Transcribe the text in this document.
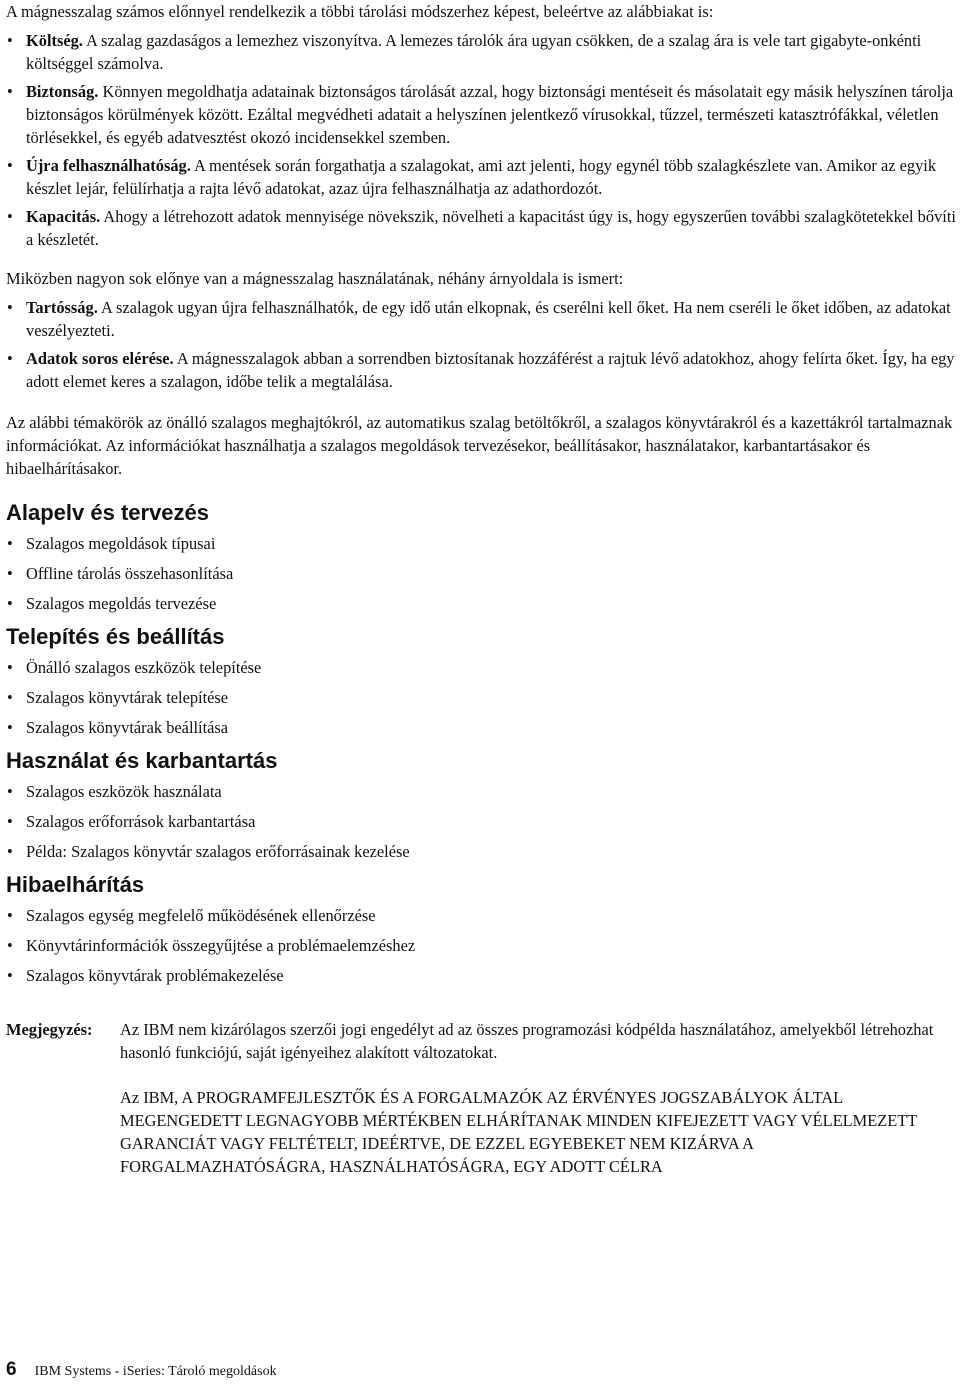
A mágnesszalag számos előnnyel rendelkezik a többi tárolási módszerhez képest, beleértve az alábbiakat is:

• Költség. A szalag gazdaságos a lemezhez viszonyítva. A lemezes tárolók ára ugyan csökken, de a szalag ára is vele tart gigabyte-onkénti költséggel számolva.
• Biztonság. Könnyen megoldhatja adatainak biztonságos tárolását azzal, hogy biztonsági mentéseit és másolatait egy másik helyszínen tárolja biztonságos körülmények között. Ezáltal megvédheti adatait a helyszínen jelentkező vírusokkal, tűzzel, természeti katasztrófákkal, véletlen törlésekkel, és egyéb adatvesztést okozó incidensekkel szemben.
• Újra felhasználhatóság. A mentések során forgathatja a szalagokat, ami azt jelenti, hogy egynél több szalagkészlete van. Amikor az egyik készlet lejár, felülírhatja a rajta lévő adatokat, azaz újra felhasználhatja az adathordozót.
• Kapacitás. Ahogy a létrehozott adatok mennyisége növekszik, növelheti a kapacitást úgy is, hogy egyszerűen további szalagkötetekkel bővíti a készletét.

Miközben nagyon sok előnye van a mágnesszalag használatának, néhány árnyoldala is ismert:

• Tartósság. A szalagok ugyan újra felhasználhatók, de egy idő után elkopnak, és cserélni kell őket. Ha nem cseréli le őket időben, az adatokat veszélyezteti.
• Adatok soros elérése. A mágnesszalagok abban a sorrendben biztosítanak hozzáférést a rajtuk lévő adatokhoz, ahogy felírta őket. Így, ha egy adott elemet keres a szalagon, időbe telik a megtalálása.

Az alábbi témakörök az önálló szalagos meghajtókról, az automatikus szalag betöltőkről, a szalagos könyvtárakról és a kazettákról tartalmaznak információkat. Az információkat használhatja a szalagos megoldások tervezésekor, beállításakor, használatakor, karbantartásakor és hibaelhárításakor.

Alapelv és tervezés
• Szalagos megoldások típusai
• Offline tárolás összehasonlítása
• Szalagos megoldás tervezése
Telepítés és beállítás
• Önálló szalagos eszközök telepítése
• Szalagos könyvtárak telepítése
• Szalagos könyvtárak beállítása
Használat és karbantartás
• Szalagos eszközök használata
• Szalagos erőforrások karbantartása
• Példa: Szalagos könyvtár szalagos erőforrásainak kezelése
Hibaelhárítás
• Szalagos egység megfelelő működésének ellenőrzése
• Könyvtárinformációk összegyűjtése a problémaelemzéshez
• Szalagos könyvtárak problémakezelése
Megjegyzés: Az IBM nem kizárólagos szerzői jogi engedélyt ad az összes programozási kódpélda használatához, amelyekből létrehozhat hasonló funkciójú, saját igényeihez alakított változatokat.

Az IBM, A PROGRAMFEJLESZTŐK ÉS A FORGALMAZÓK AZ ÉRVÉNYES JOGSZABÁLYOK ÁLTAL MEGENGEDETT LEGNAGYOBB MÉRTÉKBEN ELHÁRÍTANAK MINDEN KIFEJEZETT VAGY VÉLELMEZETT GARANCIÁT VAGY FELTÉTELT, IDEÉRTVE, DE EZZEL EGYEBEKET NEM KIZÁRVA A FORGALMAZHATÓSÁGRA, HASZNÁLHATÓSÁGRA, EGY ADOTT CÉLRA

6 IBM Systems - iSeries: Tároló megoldások
